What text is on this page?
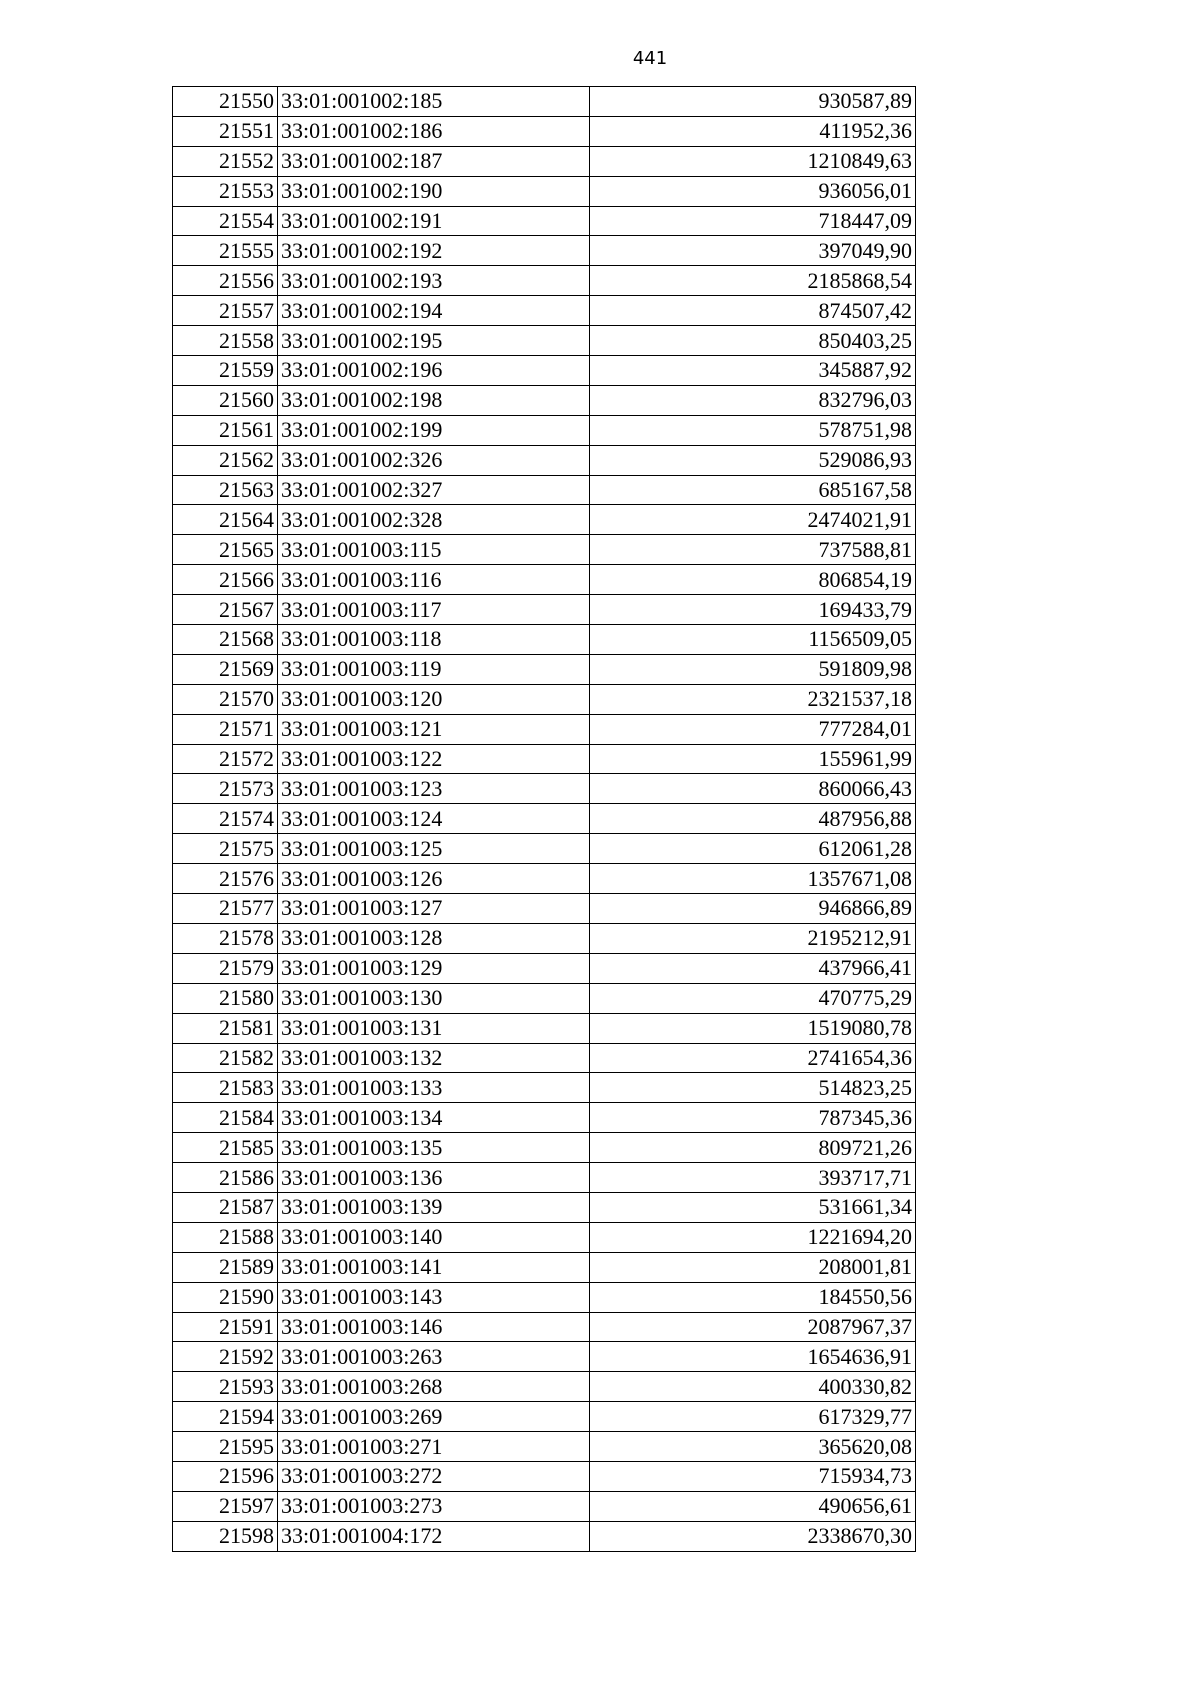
441
21550	33:01:001002:185	930587,89
21551	33:01:001002:186	411952,36
21552	33:01:001002:187	1210849,63
21553	33:01:001002:190	936056,01
21554	33:01:001002:191	718447,09
21555	33:01:001002:192	397049,90
21556	33:01:001002:193	2185868,54
21557	33:01:001002:194	874507,42
21558	33:01:001002:195	850403,25
21559	33:01:001002:196	345887,92
21560	33:01:001002:198	832796,03
21561	33:01:001002:199	578751,98
21562	33:01:001002:326	529086,93
21563	33:01:001002:327	685167,58
21564	33:01:001002:328	2474021,91
21565	33:01:001003:115	737588,81
21566	33:01:001003:116	806854,19
21567	33:01:001003:117	169433,79
21568	33:01:001003:118	1156509,05
21569	33:01:001003:119	591809,98
21570	33:01:001003:120	2321537,18
21571	33:01:001003:121	777284,01
21572	33:01:001003:122	155961,99
21573	33:01:001003:123	860066,43
21574	33:01:001003:124	487956,88
21575	33:01:001003:125	612061,28
21576	33:01:001003:126	1357671,08
21577	33:01:001003:127	946866,89
21578	33:01:001003:128	2195212,91
21579	33:01:001003:129	437966,41
21580	33:01:001003:130	470775,29
21581	33:01:001003:131	1519080,78
21582	33:01:001003:132	2741654,36
21583	33:01:001003:133	514823,25
21584	33:01:001003:134	787345,36
21585	33:01:001003:135	809721,26
21586	33:01:001003:136	393717,71
21587	33:01:001003:139	531661,34
21588	33:01:001003:140	1221694,20
21589	33:01:001003:141	208001,81
21590	33:01:001003:143	184550,56
21591	33:01:001003:146	2087967,37
21592	33:01:001003:263	1654636,91
21593	33:01:001003:268	400330,82
21594	33:01:001003:269	617329,77
21595	33:01:001003:271	365620,08
21596	33:01:001003:272	715934,73
21597	33:01:001003:273	490656,61
21598	33:01:001004:172	2338670,30
